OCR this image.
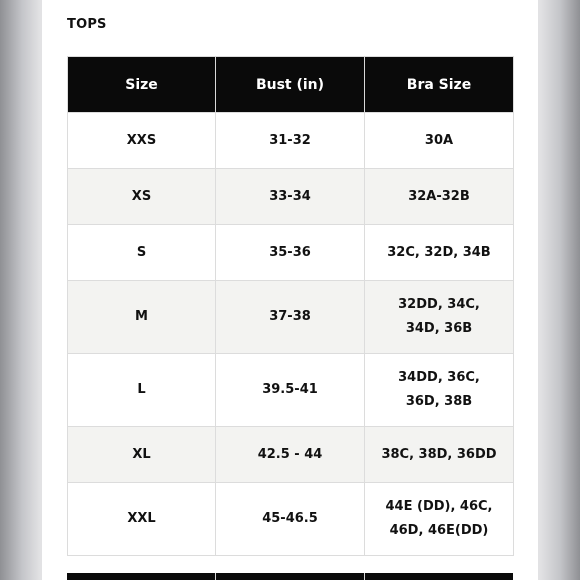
TOPS
Size	Bust (in)	Bra Size
XXS	31-32	30A
XS	33-34	32A-32B
S	35-36	32C, 32D, 34B
M	37-38	32DD, 34C, 34D, 36B
L	39.5-41	34DD, 36C, 36D, 38B
XL	42.5 - 44	38C, 38D, 36DD
XXL	45-46.5	44E (DD), 46C, 46D, 46E(DD)
